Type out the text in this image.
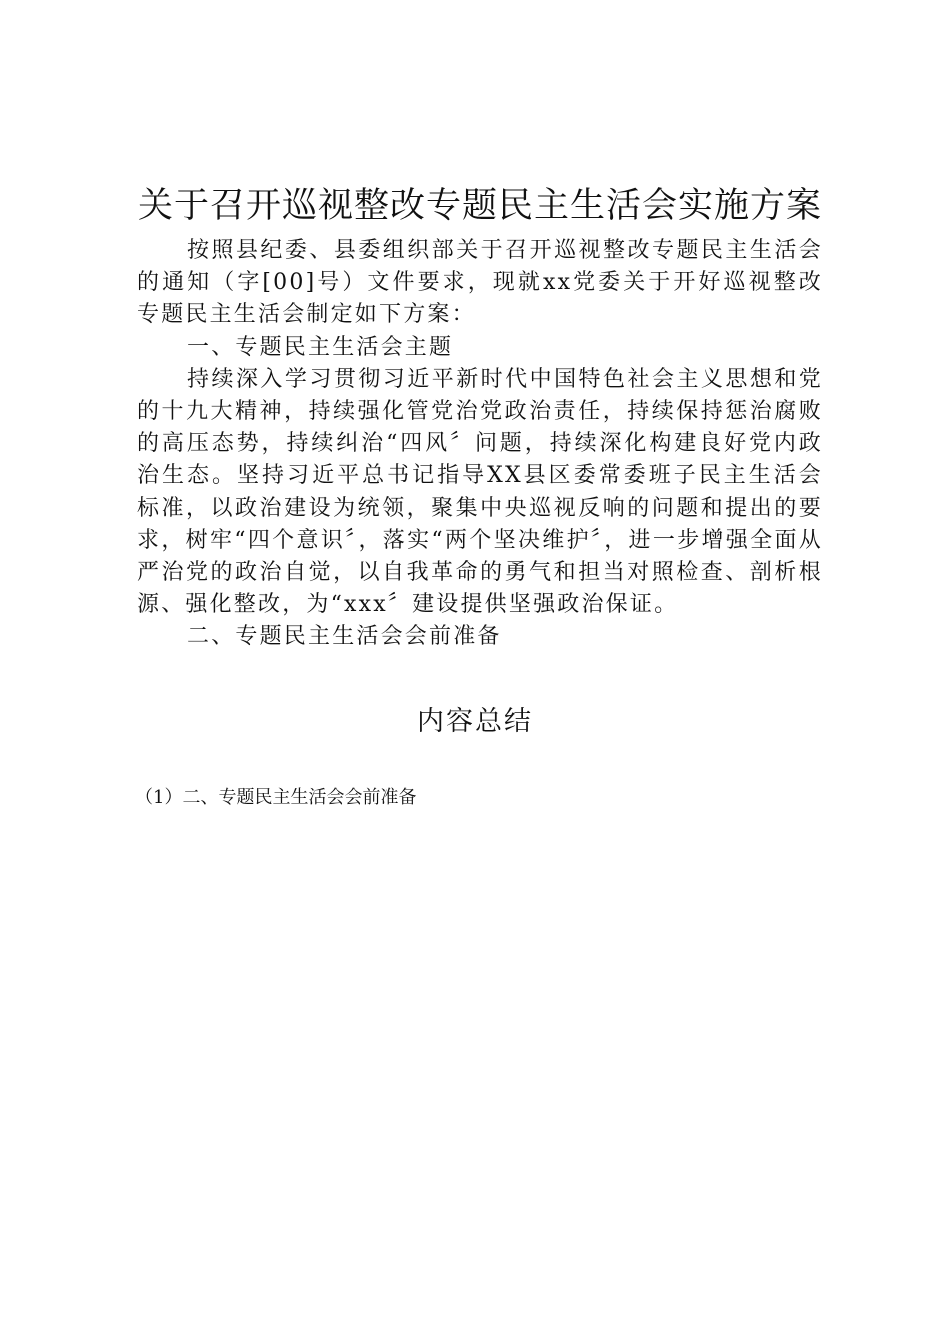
关于召开巡视整改专题民主生活会实施方案

按照县纪委、县委组织部关于召开巡视整改专题民主生活会的通知（字[00]号）文件要求，现就xx党委关于开好巡视整改专题民主生活会制定如下方案：

一、专题民主生活会主题

持续深入学习贯彻习近平新时代中国特色社会主义思想和党的十九大精神，持续强化管党治党政治责任，持续保持惩治腐败的高压态势，持续纠治“四风〞问题，持续深化构建良好党内政治生态。坚持习近平总书记指导XX县区委常委班子民主生活会标准，以政治建设为统领，聚集中央巡视反响的问题和提出的要求，树牢“四个意识〞，落实“两个坚决维护〞，进一步增强全面从严治党的政治自觉，以自我革命的勇气和担当对照检查、剖析根源、强化整改，为“xxx〞建设提供坚强政治保证。

二、专题民主生活会会前准备

内容总结
（1）二、专题民主生活会会前准备
